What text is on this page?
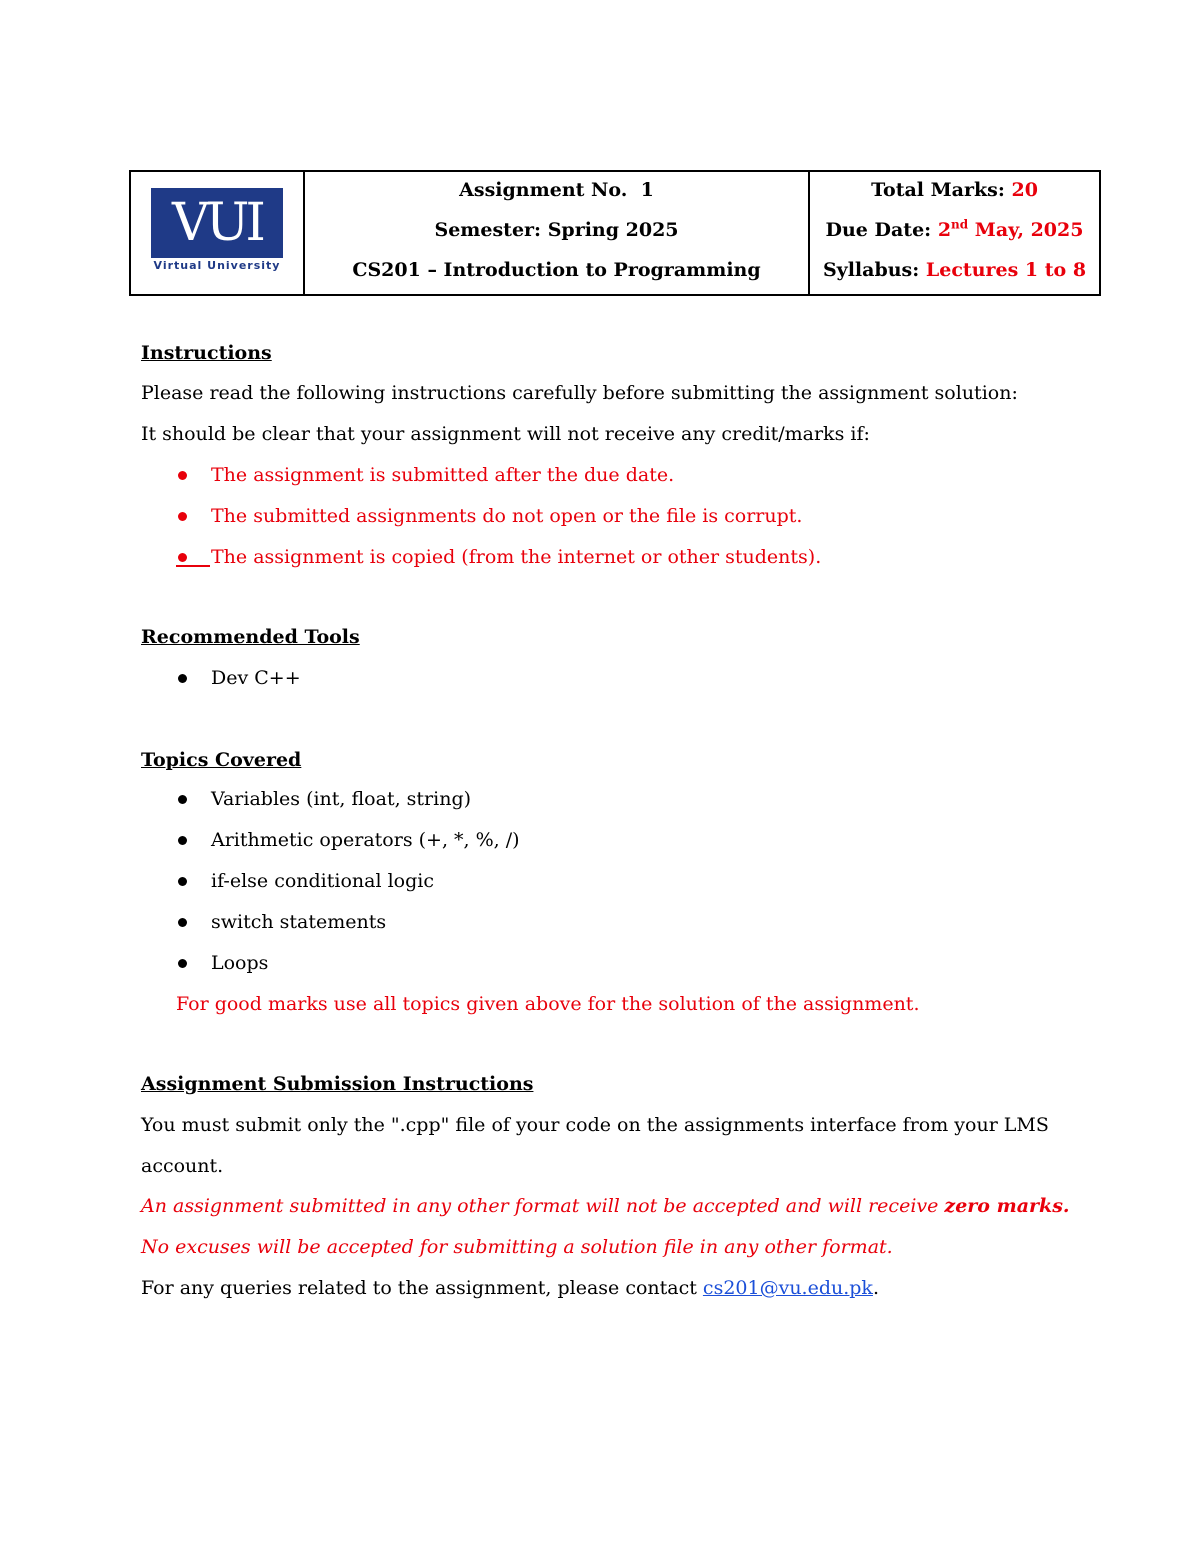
VUI
Virtual University
Assignment No. 1
Semester: Spring 2025
CS201 – Introduction to Programming
Total Marks: 20
Due Date: 2nd May, 2025
Syllabus: Lectures 1 to 8
Instructions
Please read the following instructions carefully before submitting the assignment solution:
It should be clear that your assignment will not receive any credit/marks if:
The assignment is submitted after the due date.
The submitted assignments do not open or the file is corrupt.
The assignment is copied (from the internet or other students).
Recommended Tools
Dev C++
Topics Covered
Variables (int, float, string)
Arithmetic operators (+, *, %, /)
if-else conditional logic
switch statements
Loops
For good marks use all topics given above for the solution of the assignment.
Assignment Submission Instructions
You must submit only the ".cpp" file of your code on the assignments interface from your LMS
account.
An assignment submitted in any other format will not be accepted and will receive zero marks.
No excuses will be accepted for submitting a solution file in any other format.
For any queries related to the assignment, please contact cs201@vu.edu.pk.
